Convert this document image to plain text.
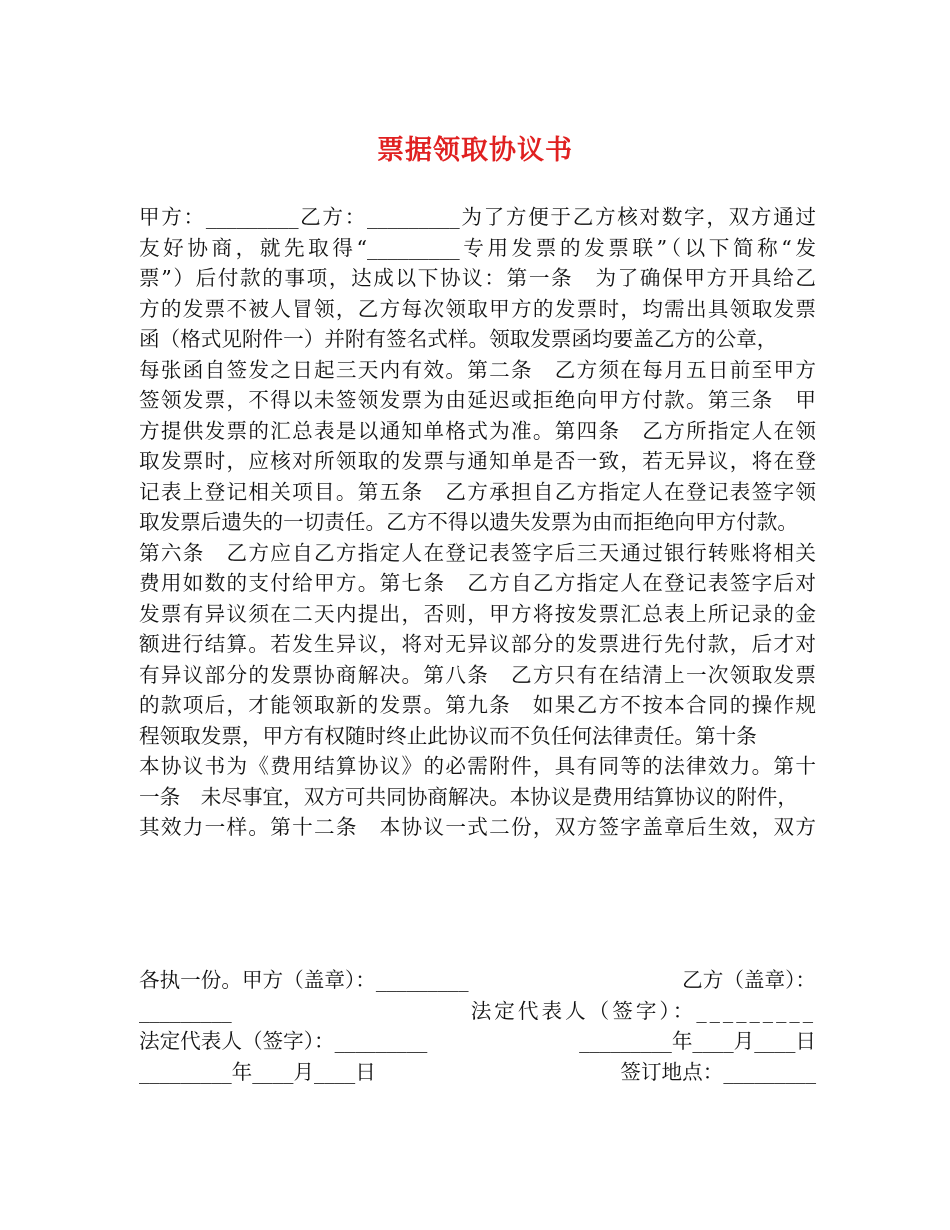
票据领取协议书
甲方：_________乙方：_________为了方便于乙方核对数字，双方通过
友好协商，就先取得“_________专用发票的发票联”（以下简称“发
票”）后付款的事项，达成以下协议：第一条　为了确保甲方开具给乙
方的发票不被人冒领，乙方每次领取甲方的发票时，均需出具领取发票
函（格式见附件一）并附有签名式样。领取发票函均要盖乙方的公章，
每张函自签发之日起三天内有效。第二条　乙方须在每月五日前至甲方
签领发票，不得以未签领发票为由延迟或拒绝向甲方付款。第三条　甲
方提供发票的汇总表是以通知单格式为准。第四条　乙方所指定人在领
取发票时，应核对所领取的发票与通知单是否一致，若无异议，将在登
记表上登记相关项目。第五条　乙方承担自乙方指定人在登记表签字领
取发票后遗失的一切责任。乙方不得以遗失发票为由而拒绝向甲方付款。
第六条　乙方应自乙方指定人在登记表签字后三天通过银行转账将相关
费用如数的支付给甲方。第七条　乙方自乙方指定人在登记表签字后对
发票有异议须在二天内提出，否则，甲方将按发票汇总表上所记录的金
额进行结算。若发生异议，将对无异议部分的发票进行先付款，后才对
有异议部分的发票协商解决。第八条　乙方只有在结清上一次领取发票
的款项后，才能领取新的发票。第九条　如果乙方不按本合同的操作规
程领取发票，甲方有权随时终止此协议而不负任何法律责任。第十条
本协议书为《费用结算协议》的必需附件，具有同等的法律效力。第十
一条　未尽事宜，双方可共同协商解决。本协议是费用结算协议的附件，
其效力一样。第十二条　本协议一式二份，双方签字盖章后生效，双方
各执一份。甲方（盖章）：_________	乙方（盖章）：
_________	法定代表人（签字）：_________
法定代表人（签字）：_________	_________年____月____日
_________年____月____日	签订地点：_________
